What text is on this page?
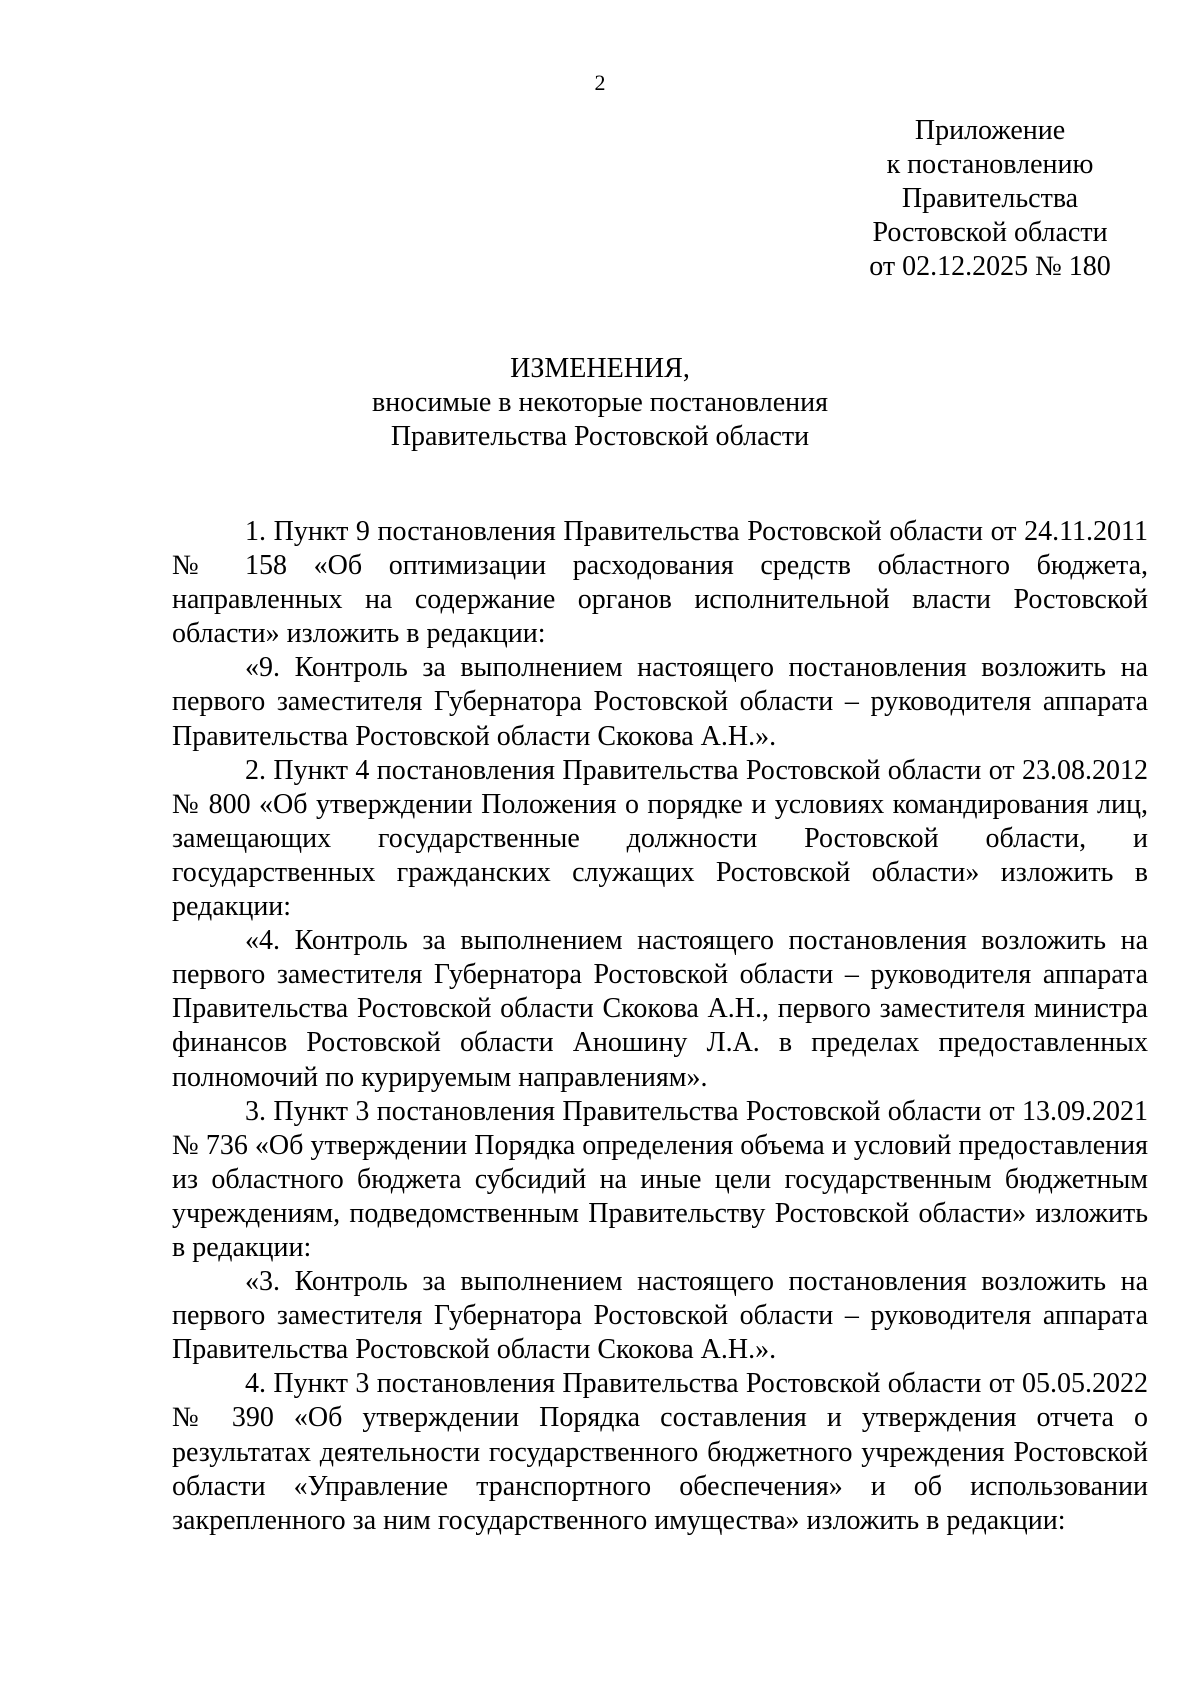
2
Приложение
к постановлению
Правительства
Ростовской области
от 02.12.2025 № 180
ИЗМЕНЕНИЯ,
вносимые в некоторые постановления
Правительства Ростовской области

1. Пункт 9 постановления Правительства Ростовской области от 24.11.2011 № 158 «Об оптимизации расходования средств областного бюджета, направленных на содержание органов исполнительной власти Ростовской области» изложить в редакции:

«9. Контроль за выполнением настоящего постановления возложить на первого заместителя Губернатора Ростовской области – руководителя аппарата Правительства Ростовской области Скокова А.Н.».

2. Пункт 4 постановления Правительства Ростовской области от 23.08.2012 № 800 «Об утверждении Положения о порядке и условиях командирования лиц, замещающих государственные должности Ростовской области, и государственных гражданских служащих Ростовской области» изложить в редакции:

«4. Контроль за выполнением настоящего постановления возложить на первого заместителя Губернатора Ростовской области – руководителя аппарата Правительства Ростовской области Скокова А.Н., первого заместителя министра финансов Ростовской области Аношину Л.А. в пределах предоставленных полномочий по курируемым направлениям».

3. Пункт 3 постановления Правительства Ростовской области от 13.09.2021 № 736 «Об утверждении Порядка определения объема и условий предоставления из областного бюджета субсидий на иные цели государственным бюджетным учреждениям, подведомственным Правительству Ростовской области» изложить в редакции:

«3. Контроль за выполнением настоящего постановления возложить на первого заместителя Губернатора Ростовской области – руководителя аппарата Правительства Ростовской области Скокова А.Н.».

4. Пункт 3 постановления Правительства Ростовской области от 05.05.2022 № 390 «Об утверждении Порядка составления и утверждения отчета о результатах деятельности государственного бюджетного учреждения Ростовской области «Управление транспортного обеспечения» и об использовании закрепленного за ним государственного имущества» изложить в редакции:
